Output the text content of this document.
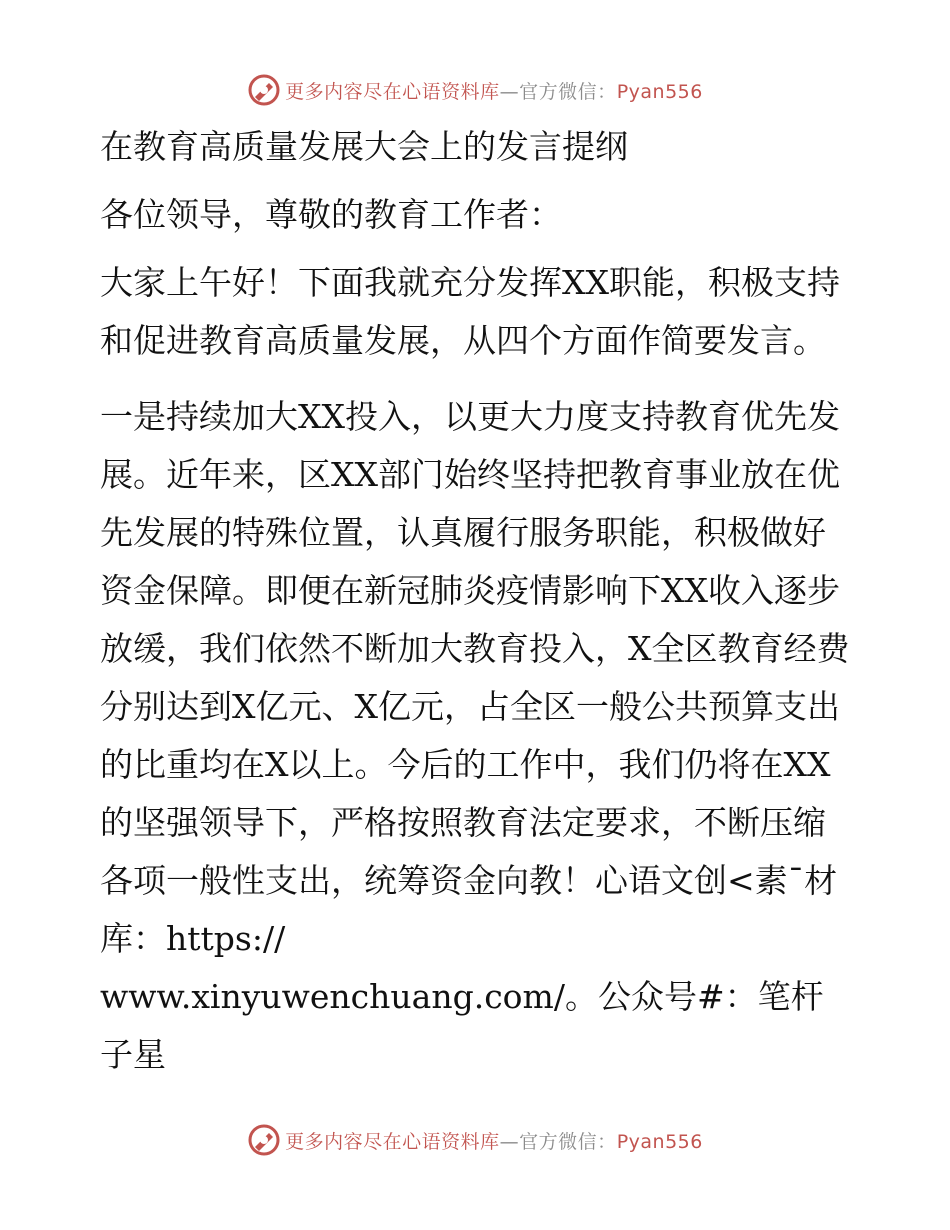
更多内容尽在心语资料库—官方微信：Pyan556

在教育高质量发展大会上的发言提纲

各位领导，尊敬的教育工作者：

大家上午好！下面我就充分发挥XX职能，积极支持和促进教育高质量发展，从四个方面作简要发言。

一是持续加大XX投入，以更大力度支持教育优先发展。近年来，区XX部门始终坚持把教育事业放在优先发展的特殊位置，认真履行服务职能，积极做好资金保障。即便在新冠肺炎疫情影响下XX收入逐步放缓，我们依然不断加大教育投入，X全区教育经费分别达到X亿元、X亿元，占全区一般公共预算支出的比重均在X以上。今后的工作中，我们仍将在XX的坚强领导下，严格按照教育法定要求，不断压缩各项一般性支出，统筹资金向教！心语文创<素¯材库：https://

www.xinyuwenchuang.com/。公众号#：笔杆子星

更多内容尽在心语资料库—官方微信：Pyan556
